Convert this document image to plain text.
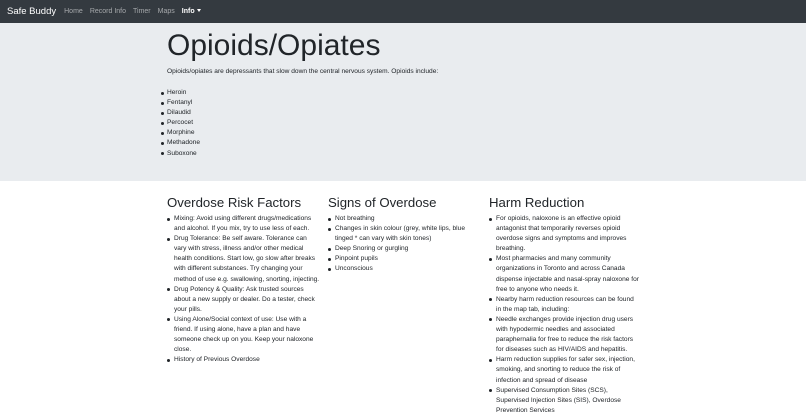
Safe Buddy Home Record Info Timer Maps Info
Opioids/Opiates

Opioids/opiates are depressants that slow down the central nervous system. Opioids include:

Heroin
Fentanyl
Dilaudid
Percocet
Morphine
Methadone
Suboxone
Overdose Risk Factors
Mixing: Avoid using different drugs/medications and alcohol. If you mix, try to use less of each.
Drug Tolerance: Be self aware. Tolerance can vary with stress, illness and/or other medical health conditions. Start low, go slow after breaks with different substances. Try changing your method of use e.g. swallowing, snorting, injecting.
Drug Potency & Quality: Ask trusted sources about a new supply or dealer. Do a tester, check your pills.
Using Alone/Social context of use: Use with a friend. If using alone, have a plan and have someone check up on you. Keep your naloxone close.
History of Previous Overdose
Signs of Overdose
Not breathing
Changes in skin colour (grey, white lips, blue tinged * can vary with skin tones)
Deep Snoring or gurgling
Pinpoint pupils
Unconscious
Harm Reduction
For opioids, naloxone is an effective opioid antagonist that temporarily reverses opioid overdose signs and symptoms and improves breathing.
Most pharmacies and many community organizations in Toronto and across Canada dispense injectable and nasal-spray naloxone for free to anyone who needs it.
Nearby harm reduction resources can be found in the map tab, including:
Needle exchanges provide injection drug users with hypodermic needles and associated paraphernalia for free to reduce the risk factors for diseases such as HIV/AIDS and hepatitis.
Harm reduction supplies for safer sex, injection, smoking, and snorting to reduce the risk of infection and spread of disease
Supervised Consumption Sites (SCS), Supervised Injection Sites (SIS), Overdose Prevention Services
